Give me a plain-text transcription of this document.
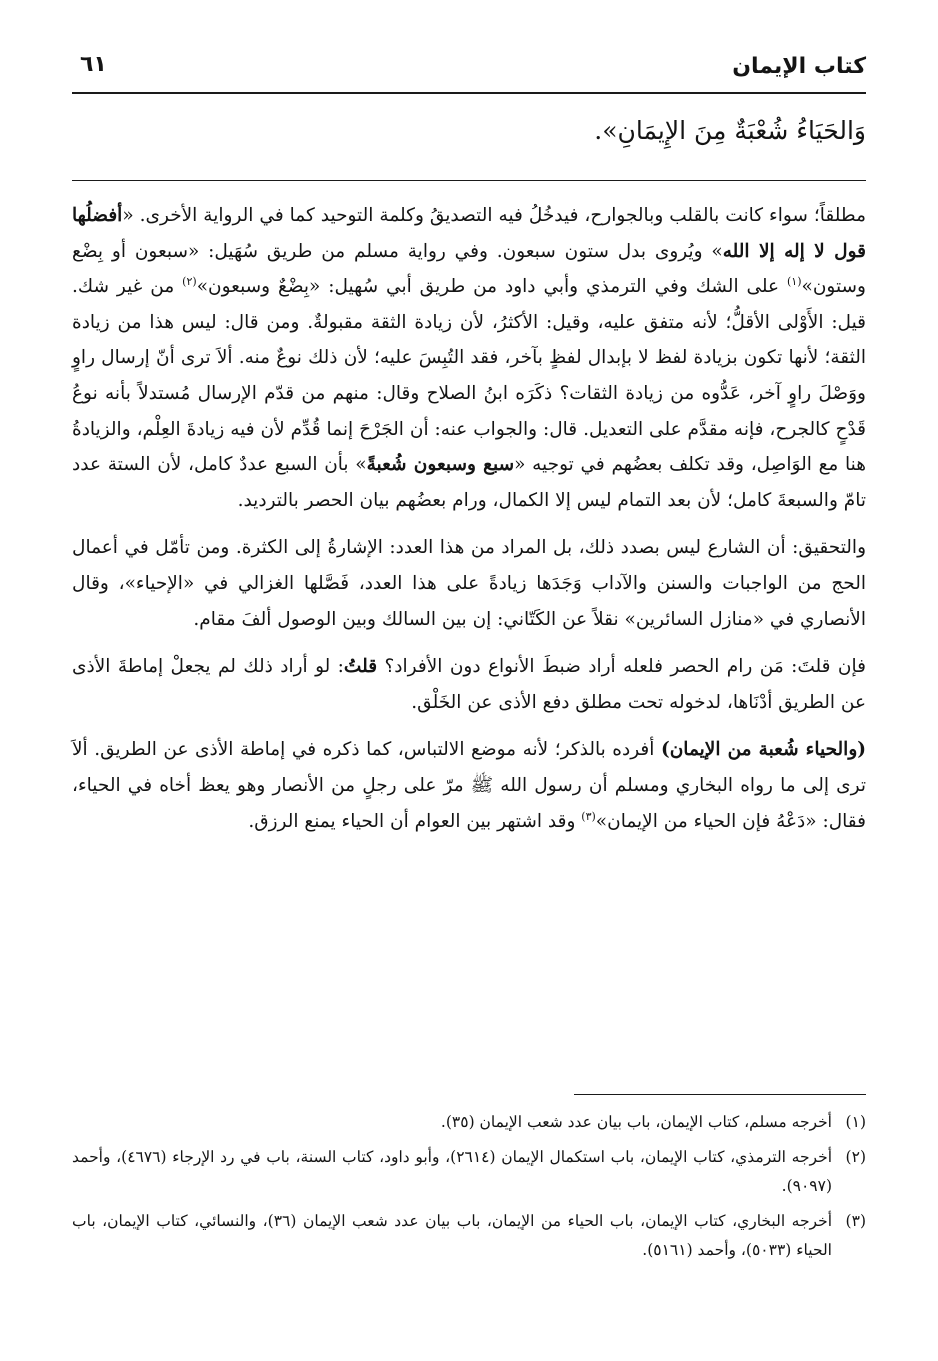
كتاب الإيمان
٦١
وَالحَيَاءُ شُعْبَةٌ مِنَ الإِيمَانِ».

مطلقاً؛ سواء كانت بالقلب وبالجوارح، فيدخُلُ فيه التصديقُ وكلمة التوحيد كما في الرواية الأخرى. «أفضلُها قول لا إله إلا الله» ويُروى بدل ستون سبعون. وفي رواية مسلم من طريق سُهَيل: «سبعون أو بِضْع وستون»$^{(١)}$ على الشك وفي الترمذي وأبي داود من طريق أبي سُهيل: «بِضْعٌ وسبعون»$^{(٢)}$ من غير شك. قيل: الأَوْلى الأقلُّ؛ لأنه متفق عليه، وقيل: الأكثرُ، لأن زيادة الثقة مقبولةٌ. ومن قال: ليس هذا من زيادة الثقة؛ لأنها تكون بزيادة لفظ لا بإبدال لفظٍ بآخر، فقد التُبِسَ عليه؛ لأن ذلك نوعٌ منه. ألاَ ترى أنّ إرسال راوٍ ووَصْلَ راوٍ آخر، عَدُّوه من زيادة الثقات؟ ذكَرَه ابنُ الصلاح وقال: منهم من قدّم الإرسال مُستدلاً بأنه نوعُ قَدْحٍ كالجرح، فإنه مقدَّم على التعديل. قال: والجواب عنه: أن الجَرْحَ إنما قُدِّم لأن فيه زيادةَ العِلْم، والزيادةُ هنا مع الوَاصِل، وقد تكلف بعضُهم في توجيه «سبع وسبعون شُعبةً» بأن السبع عددٌ كامل، لأن الستة عدد تامّ والسبعةَ كامل؛ لأن بعد التمام ليس إلا الكمال، ورام بعضُهم بيان الحصر بالترديد.

والتحقيق: أن الشارع ليس بصدد ذلك، بل المراد من هذا العدد: الإشارةُ إلى الكثرة. ومن تأمّل في أعمال الحج من الواجبات والسنن والآداب وَجَدَها زيادةً على هذا العدد، فَصَّلها الغزالي في «الإحياء»، وقال الأنصاري في «منازل السائرين» نقلاً عن الكَتّاني: إن بين السالك وبين الوصول ألفَ مقام.

فإن قلتَ: مَن رام الحصر فلعله أراد ضبطَ الأنواع دون الأفراد؟ قلتُ: لو أراد ذلك لم يجعلْ إماطةَ الأذى عن الطريق أدْنَاها، لدخوله تحت مطلق دفع الأذى عن الخَلْق.

(والحياء شُعبة من الإيمان) أفرده بالذكر؛ لأنه موضع الالتباس، كما ذكره في إماطة الأذى عن الطريق. ألاَ ترى إلى ما رواه البخاري ومسلم أن رسول الله ﷺ مرّ على رجلٍ من الأنصار وهو يعظ أخاه في الحياء، فقال: «دَعْهُ فإن الحياء من الإيمان»$^{(٣)}$ وقد اشتهر بين العوام أن الحياء يمنع الرزق.

(١)
أخرجه مسلم، كتاب الإيمان، باب بيان عدد شعب الإيمان (٣٥).
(٢)
أخرجه الترمذي، كتاب الإيمان، باب استكمال الإيمان (٢٦١٤)، وأبو داود، كتاب السنة، باب في رد الإرجاء (٤٦٧٦)، وأحمد (٩٠٩٧).
(٣)
أخرجه البخاري، كتاب الإيمان، باب الحياء من الإيمان، باب بيان عدد شعب الإيمان (٣٦)، والنسائي، كتاب الإيمان، باب الحياء (٥٠٣٣)، وأحمد (٥١٦١).
